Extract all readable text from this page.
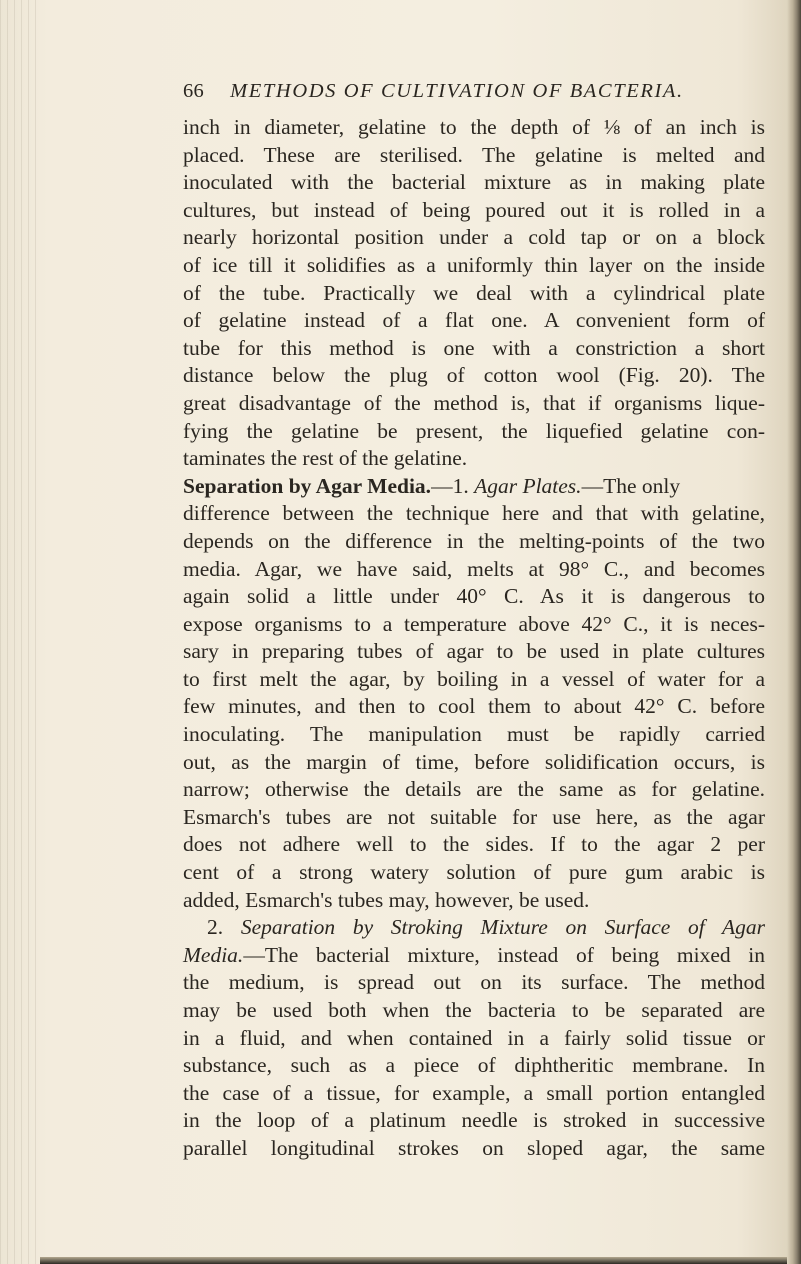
66 METHODS OF CULTIVATION OF BACTERIA.
inch in diameter, gelatine to the depth of ⅛ of an inch is
placed. These are sterilised. The gelatine is melted and
inoculated with the bacterial mixture as in making plate
cultures, but instead of being poured out it is rolled in a
nearly horizontal position under a cold tap or on a block
of ice till it solidifies as a uniformly thin layer on the inside
of the tube. Practically we deal with a cylindrical plate
of gelatine instead of a flat one. A convenient form of
tube for this method is one with a constriction a short
distance below the plug of cotton wool (Fig. 20). The
great disadvantage of the method is, that if organisms lique-
fying the gelatine be present, the liquefied gelatine con-
taminates the rest of the gelatine.
Separation by Agar Media.—1. Agar Plates.—The only
difference between the technique here and that with gelatine,
depends on the difference in the melting-points of the two
media. Agar, we have said, melts at 98° C., and becomes
again solid a little under 40° C. As it is dangerous to
expose organisms to a temperature above 42° C., it is neces-
sary in preparing tubes of agar to be used in plate cultures
to first melt the agar, by boiling in a vessel of water for a
few minutes, and then to cool them to about 42° C. before
inoculating. The manipulation must be rapidly carried
out, as the margin of time, before solidification occurs, is
narrow; otherwise the details are the same as for gelatine.
Esmarch's tubes are not suitable for use here, as the agar
does not adhere well to the sides. If to the agar 2 per
cent of a strong watery solution of pure gum arabic is
added, Esmarch's tubes may, however, be used.
2. Separation by Stroking Mixture on Surface of Agar
Media.—The bacterial mixture, instead of being mixed in
the medium, is spread out on its surface. The method
may be used both when the bacteria to be separated are
in a fluid, and when contained in a fairly solid tissue or
substance, such as a piece of diphtheritic membrane. In
the case of a tissue, for example, a small portion entangled
in the loop of a platinum needle is stroked in successive
parallel longitudinal strokes on sloped agar, the same
